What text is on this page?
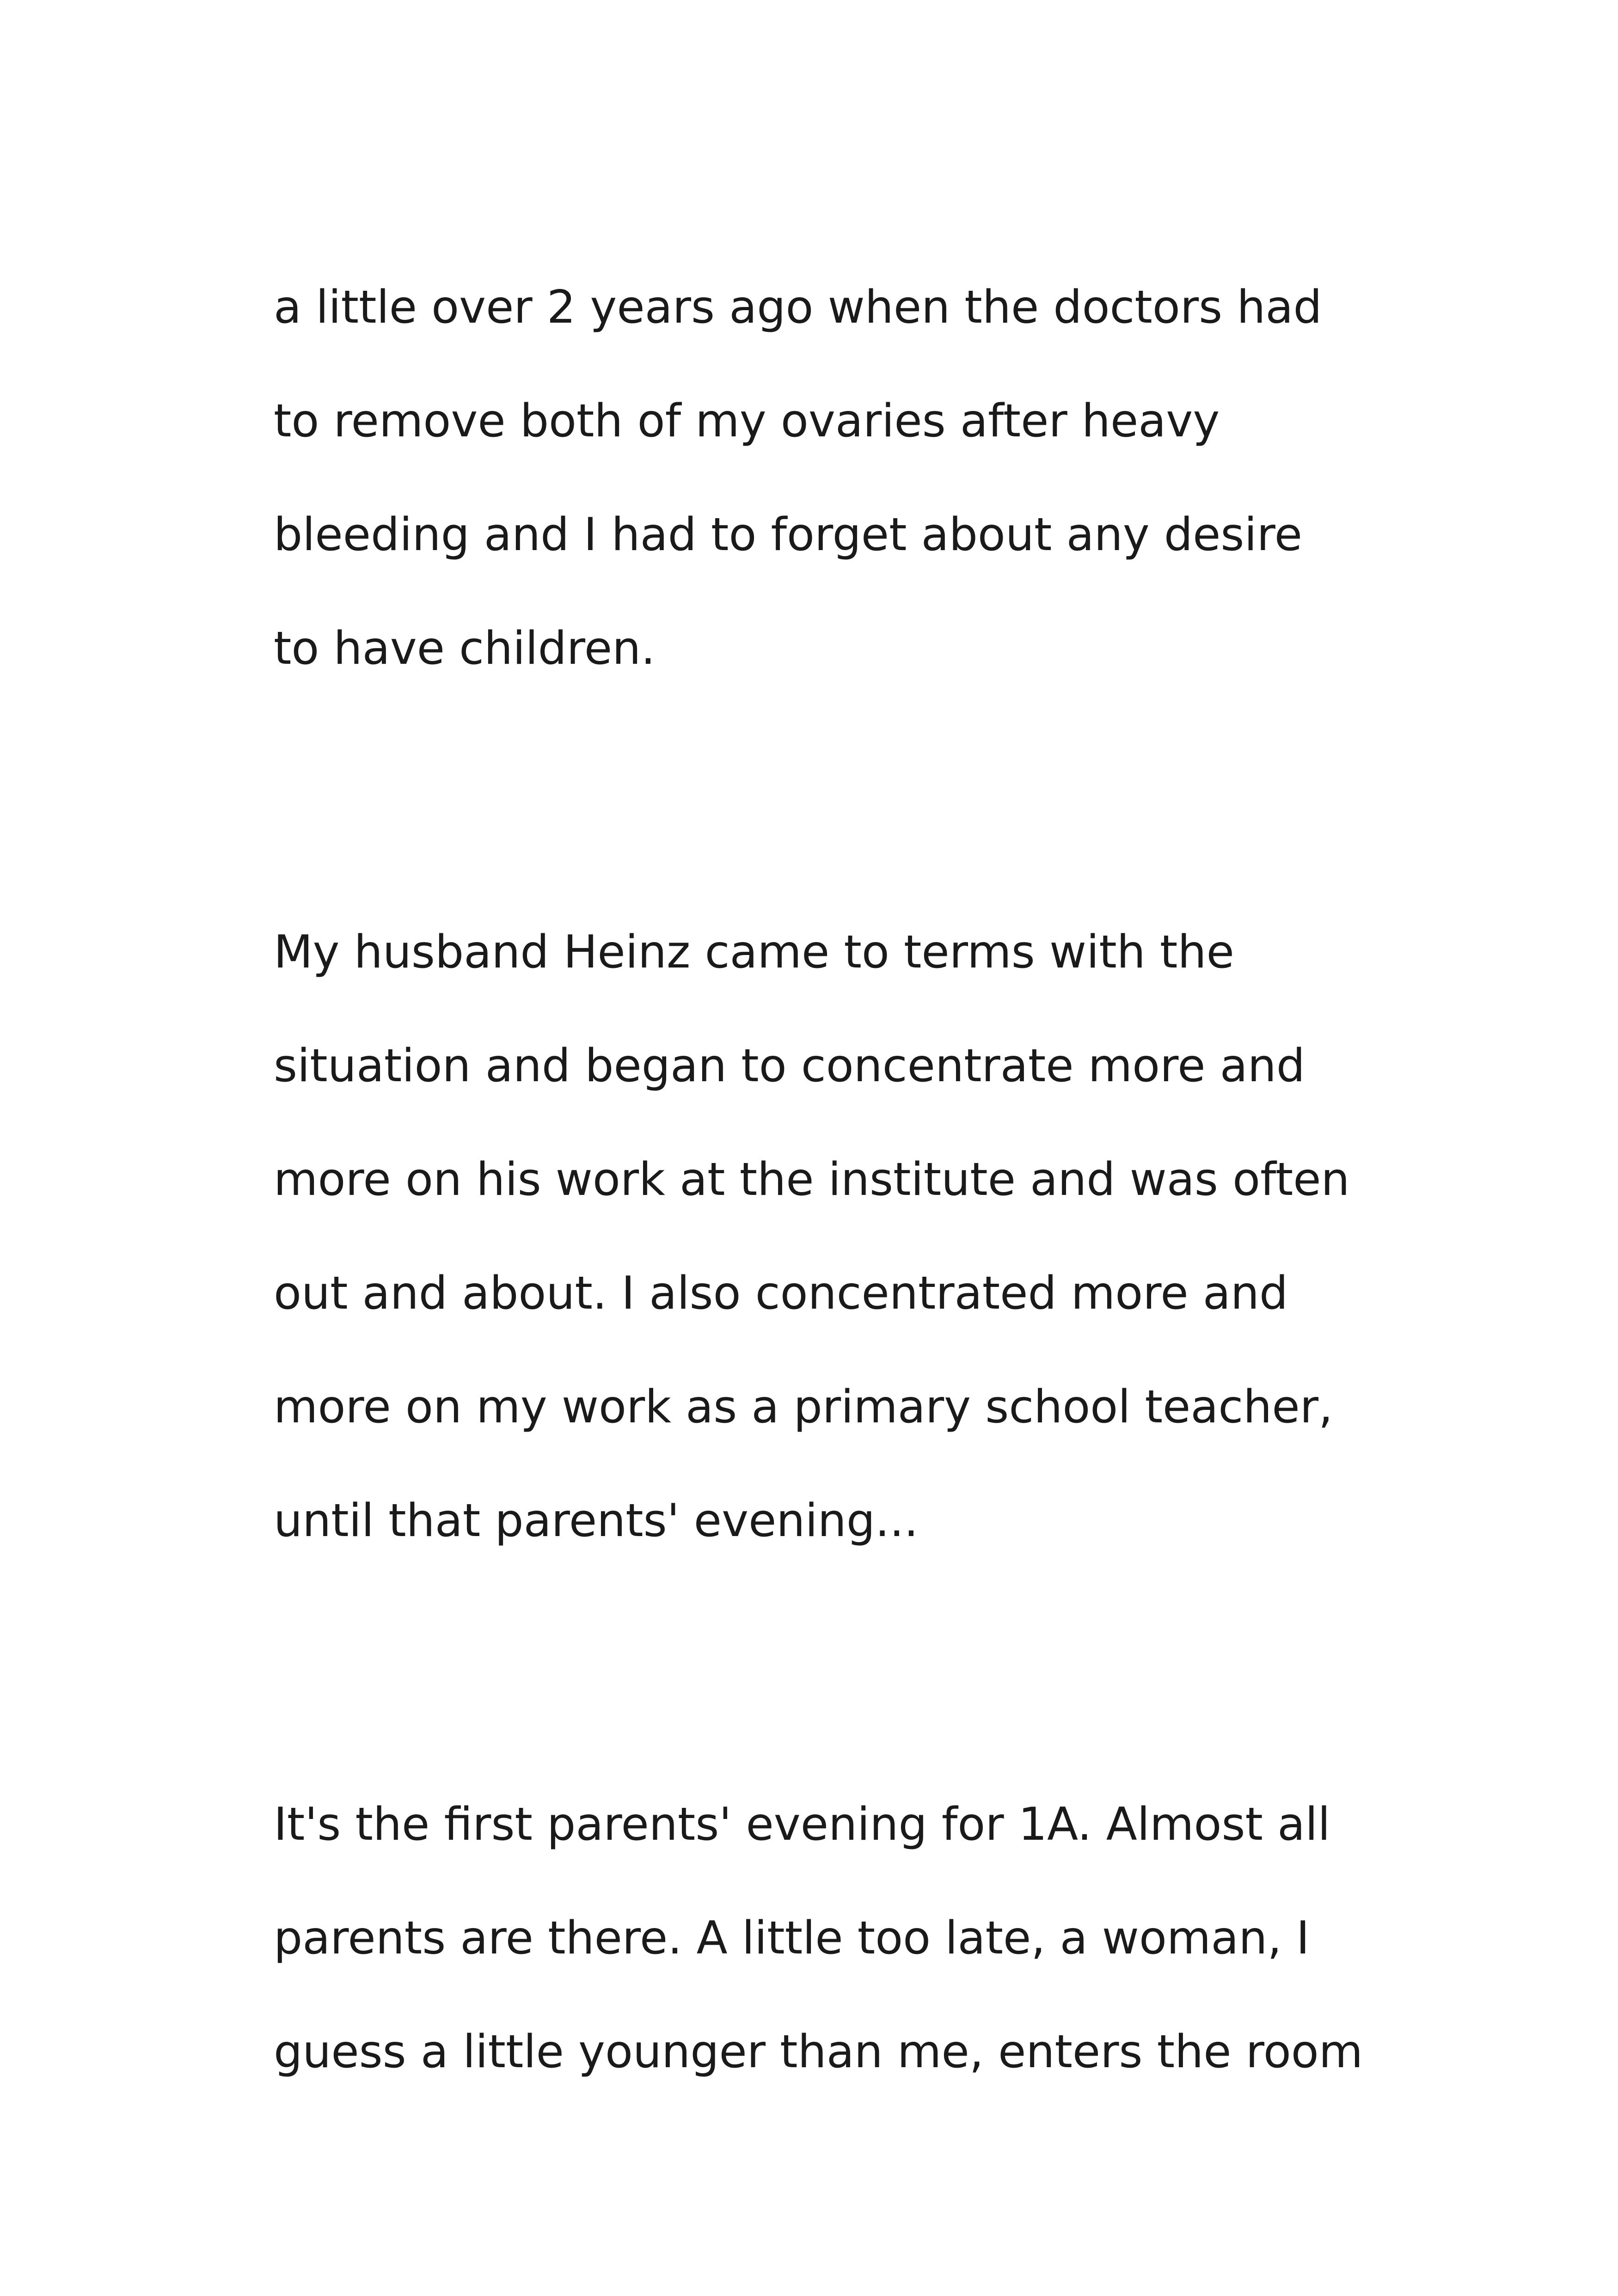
a little over 2 years ago when the doctors had

to remove both of my ovaries after heavy

bleeding and I had to forget about any desire

to have children.

My husband Heinz came to terms with the

situation and began to concentrate more and

more on his work at the institute and was often

out and about. I also concentrated more and

more on my work as a primary school teacher,

until that parents' evening...

It's the first parents' evening for 1A. Almost all

parents are there. A little too late, a woman, I

guess a little younger than me, enters the room
